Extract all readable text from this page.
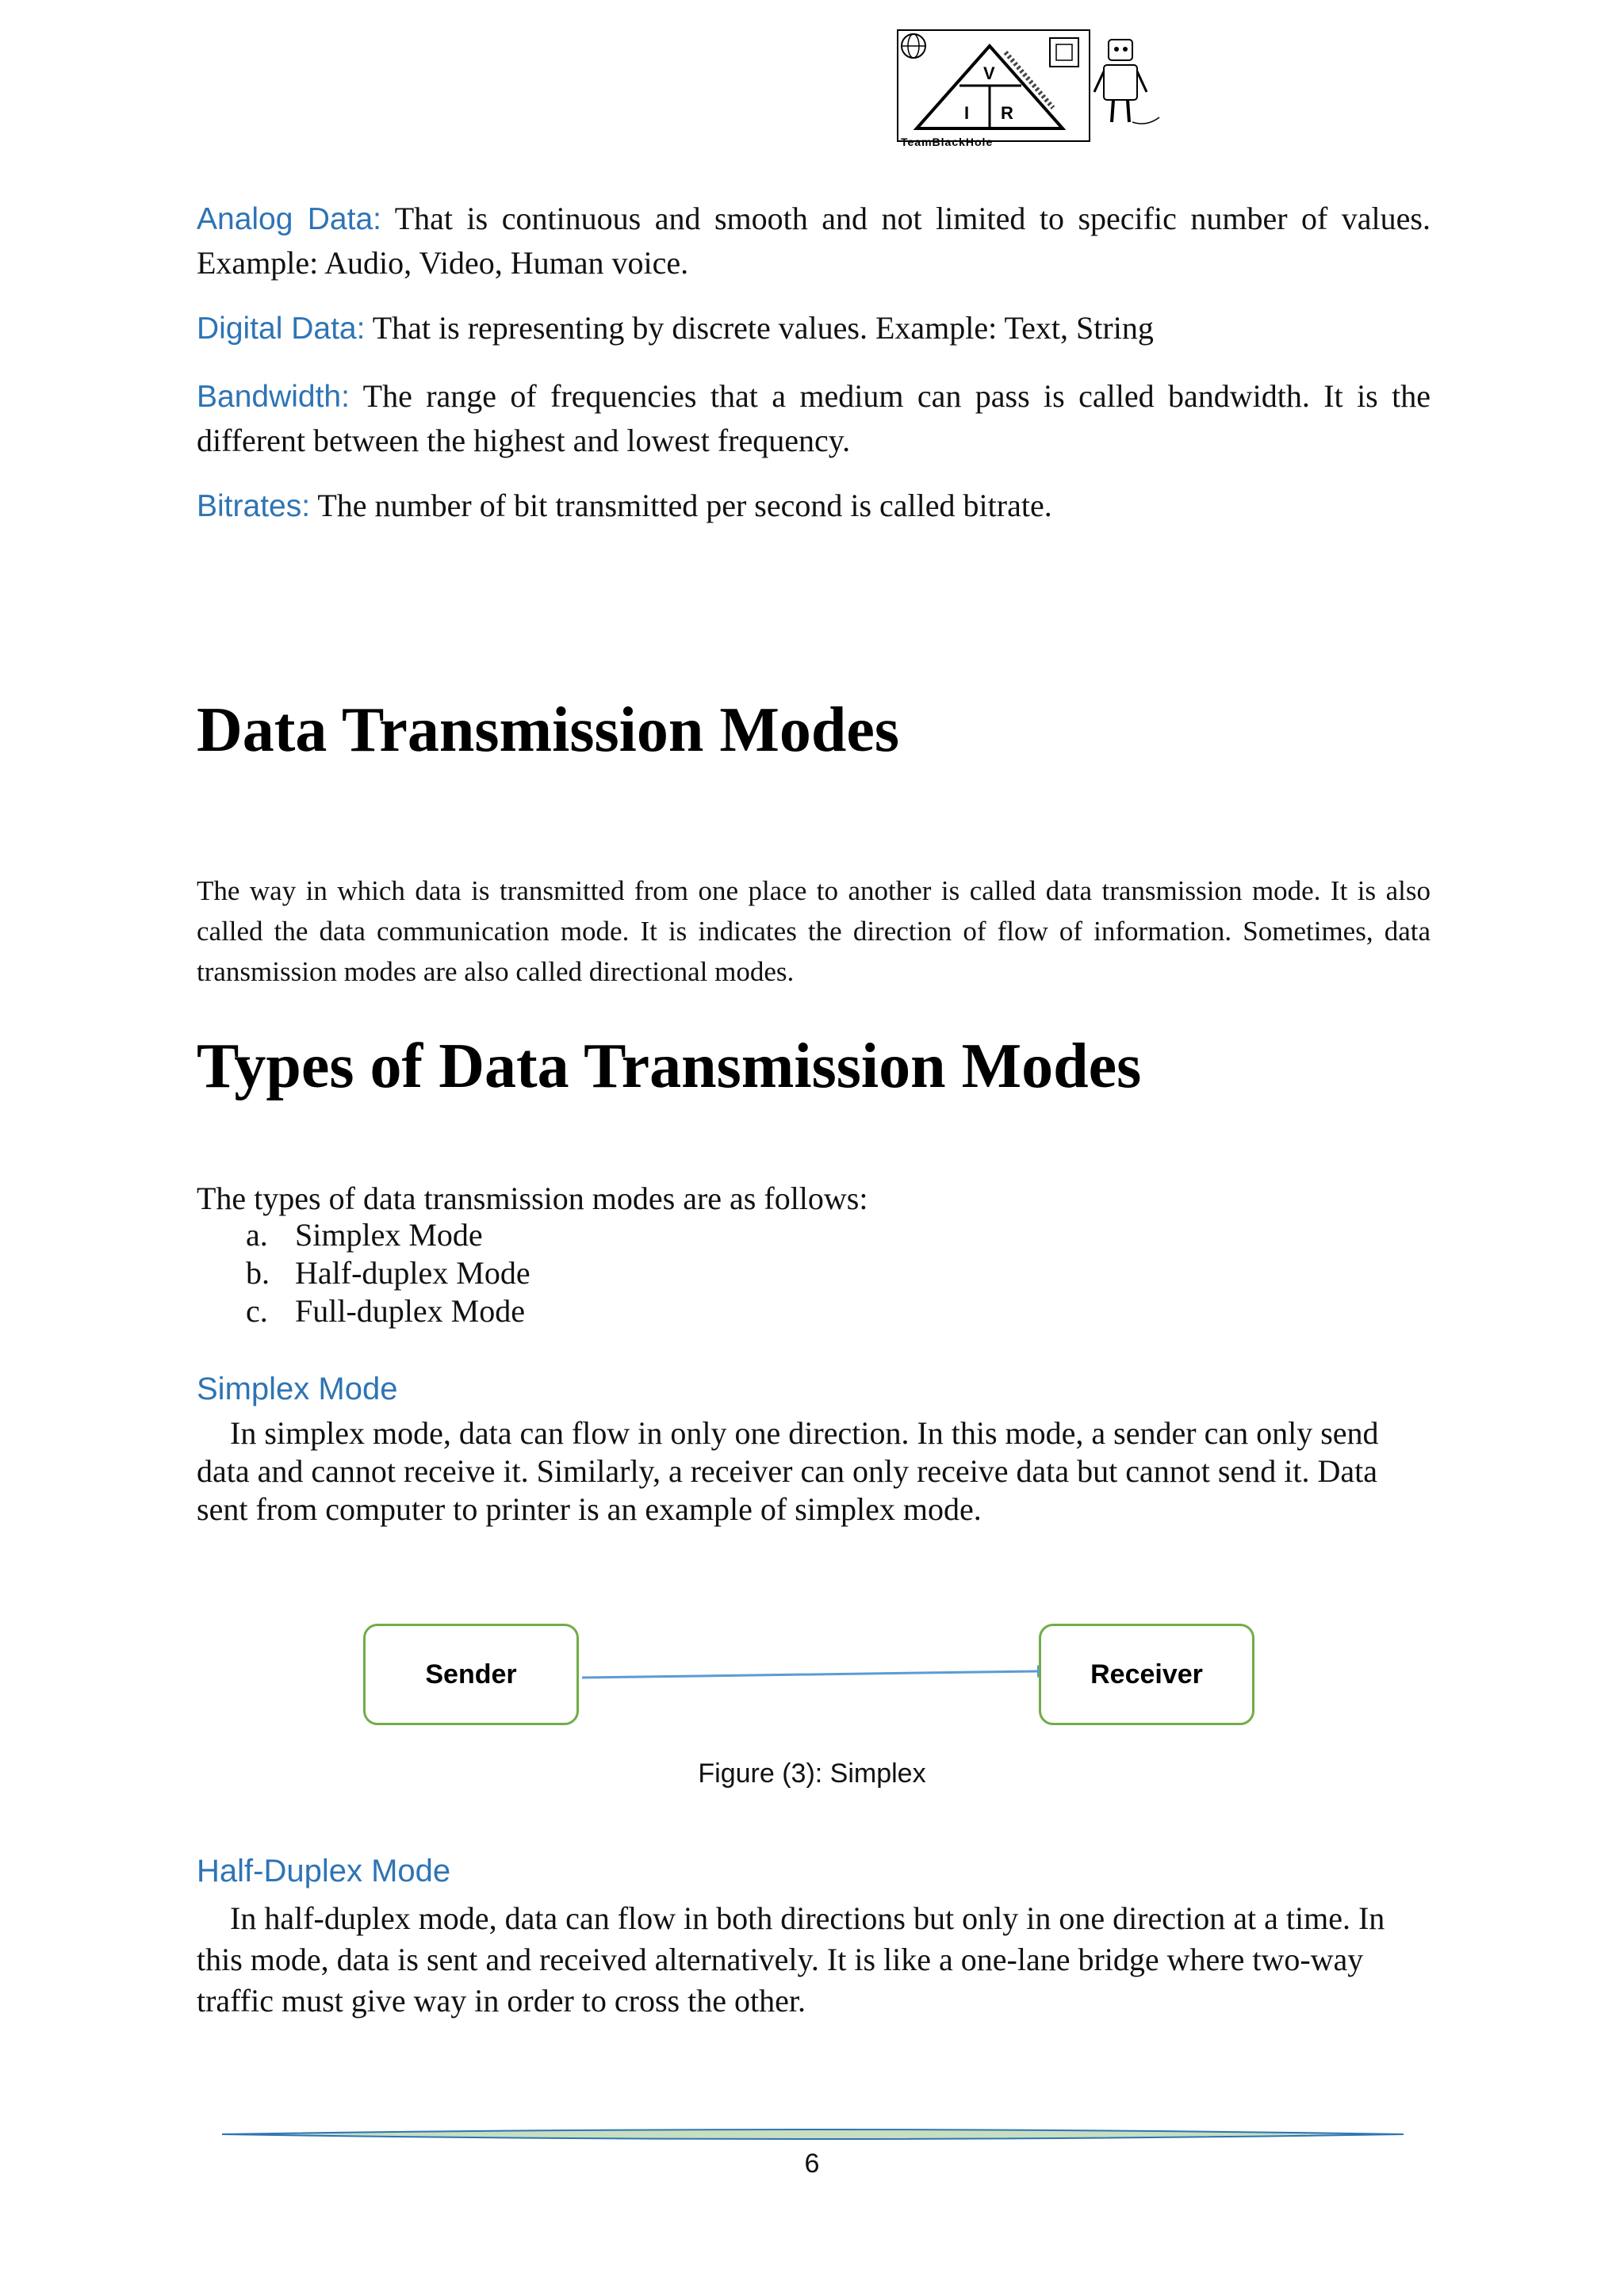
V
I R
TeamBlackHole
Analog Data: That is continuous and smooth and not limited to specific number of values. Example: Audio, Video, Human voice.
Digital Data: That is representing by discrete values. Example: Text, String
Bandwidth: The range of frequencies that a medium can pass is called bandwidth. It is the different between the highest and lowest frequency.
Bitrates: The number of bit transmitted per second is called bitrate.
Data Transmission Modes
The way in which data is transmitted from one place to another is called data transmission mode. It is also called the data communication mode. It is indicates the direction of flow of information. Sometimes, data transmission modes are also called directional modes.
Types of Data Transmission Modes
The types of data transmission modes are as follows:
a. Simplex Mode
b. Half-duplex Mode
c. Full-duplex Mode
Simplex Mode
In simplex mode, data can flow in only one direction. In this mode, a sender can only send data and cannot receive it. Similarly, a receiver can only receive data but cannot send it. Data sent from computer to printer is an example of simplex mode.
Sender	Receiver
Figure (3): Simplex
Half-Duplex Mode
In half-duplex mode, data can flow in both directions but only in one direction at a time. In this mode, data is sent and received alternatively. It is like a one-lane bridge where two-way traffic must give way in order to cross the other.
6
